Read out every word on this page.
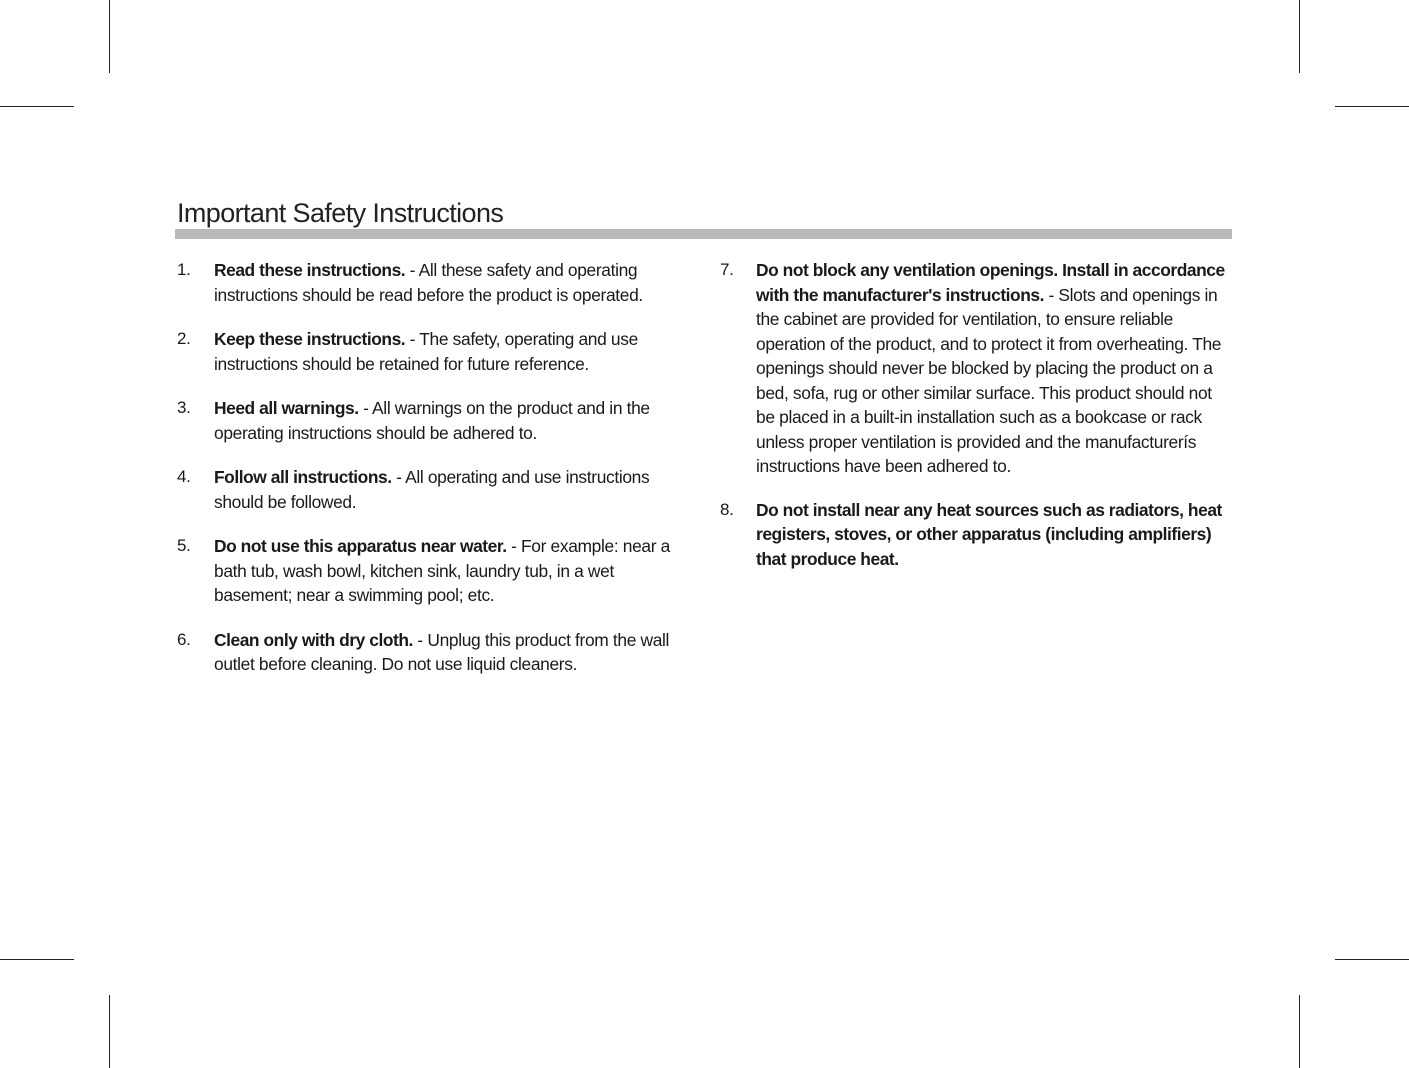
Important Safety Instructions
1. Read these instructions. - All these safety and operating instructions should be read before the product is operated.
2. Keep these instructions. - The safety, operating and use instructions should be retained for future reference.
3. Heed all warnings. - All warnings on the product and in the operating instructions should be adhered to.
4. Follow all instructions. - All operating and use instructions should be followed.
5. Do not use this apparatus near water. - For example: near a bath tub, wash bowl, kitchen sink, laundry tub, in a wet basement; near a swimming pool; etc.
6. Clean only with dry cloth. - Unplug this product from the wall outlet before cleaning. Do not use liquid cleaners.
7. Do not block any ventilation openings. Install in accordance with the manufacturer's instructions. - Slots and openings in the cabinet are provided for ventilation, to ensure reliable operation of the product, and to protect it from overheating. The openings should never be blocked by placing the product on a bed, sofa, rug or other similar surface. This product should not be placed in a built-in installation such as a bookcase or rack unless proper ventilation is provided and the manufacturerís instructions have been adhered to.
8. Do not install near any heat sources such as radiators, heat registers, stoves, or other apparatus (including amplifiers) that produce heat.
